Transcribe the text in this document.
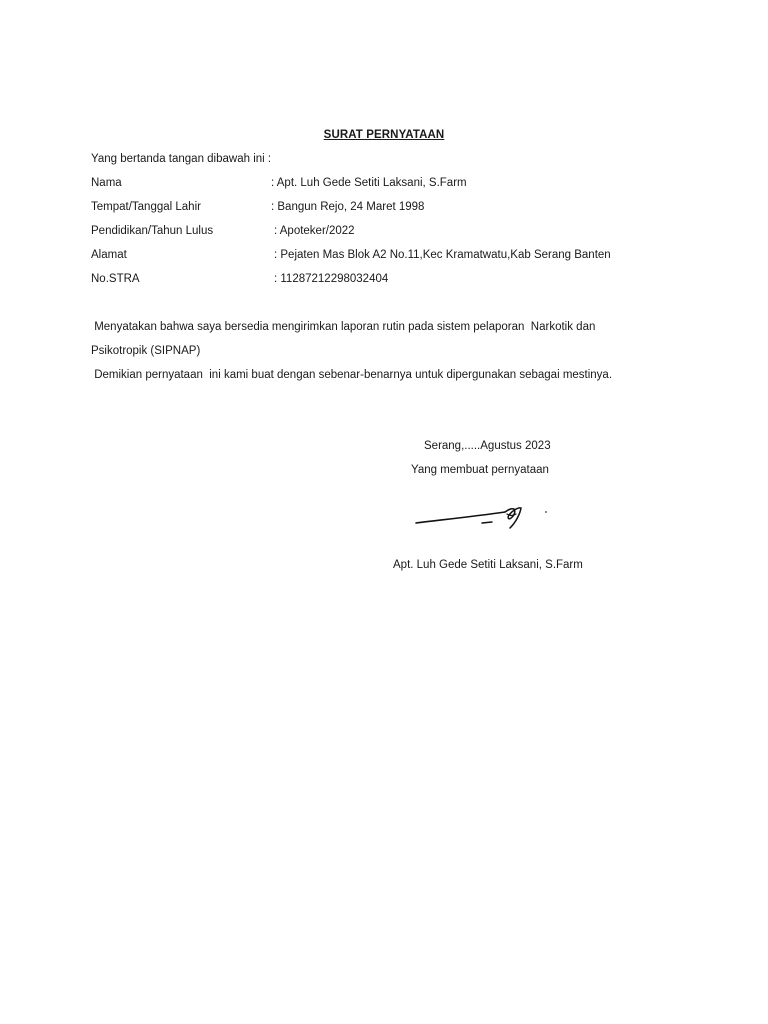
SURAT PERNYATAAN
Yang bertanda tangan dibawah ini :
Nama	: Apt. Luh Gede Setiti Laksani, S.Farm
Tempat/Tanggal Lahir	: Bangun Rejo, 24 Maret 1998
Pendidikan/Tahun Lulus	: Apoteker/2022
Alamat	: Pejaten Mas Blok A2 No.11,Kec Kramatwatu,Kab Serang Banten
No.STRA	: 11287212298032404
Menyatakan bahwa saya bersedia mengirimkan laporan rutin pada sistem pelaporan  Narkotik dan
Psikotropik (SIPNAP)
Demikian pernyataan  ini kami buat dengan sebenar-benarnya untuk dipergunakan sebagai mestinya.
Serang,.....Agustus 2023
Yang membuat pernyataan
Apt. Luh Gede Setiti Laksani, S.Farm
